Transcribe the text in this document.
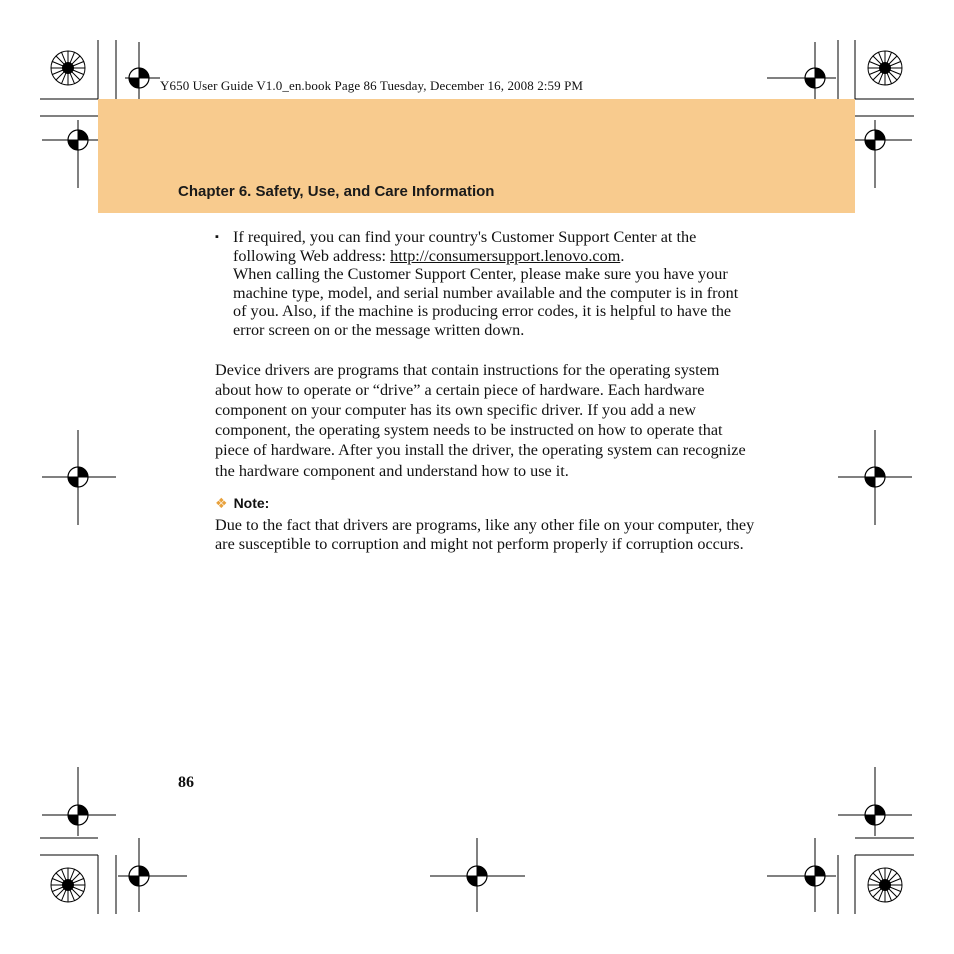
Y650 User Guide V1.0_en.book Page 86 Tuesday, December 16, 2008 2:59 PM
Chapter 6. Safety, Use, and Care Information
▪ If required, you can find your country's Customer Support Center at the following Web address: http://consumersupport.lenovo.com.

When calling the Customer Support Center, please make sure you have your machine type, model, and serial number available and the computer is in front of you. Also, if the machine is producing error codes, it is helpful to have the error screen on or the message written down.

Device drivers are programs that contain instructions for the operating system about how to operate or “drive” a certain piece of hardware. Each hardware component on your computer has its own specific driver. If you add a new component, the operating system needs to be instructed on how to operate that piece of hardware. After you install the driver, the operating system can recognize the hardware component and understand how to use it.

❖ Note:

Due to the fact that drivers are programs, like any other file on your computer, they are susceptible to corruption and might not perform properly if corruption occurs.

86
